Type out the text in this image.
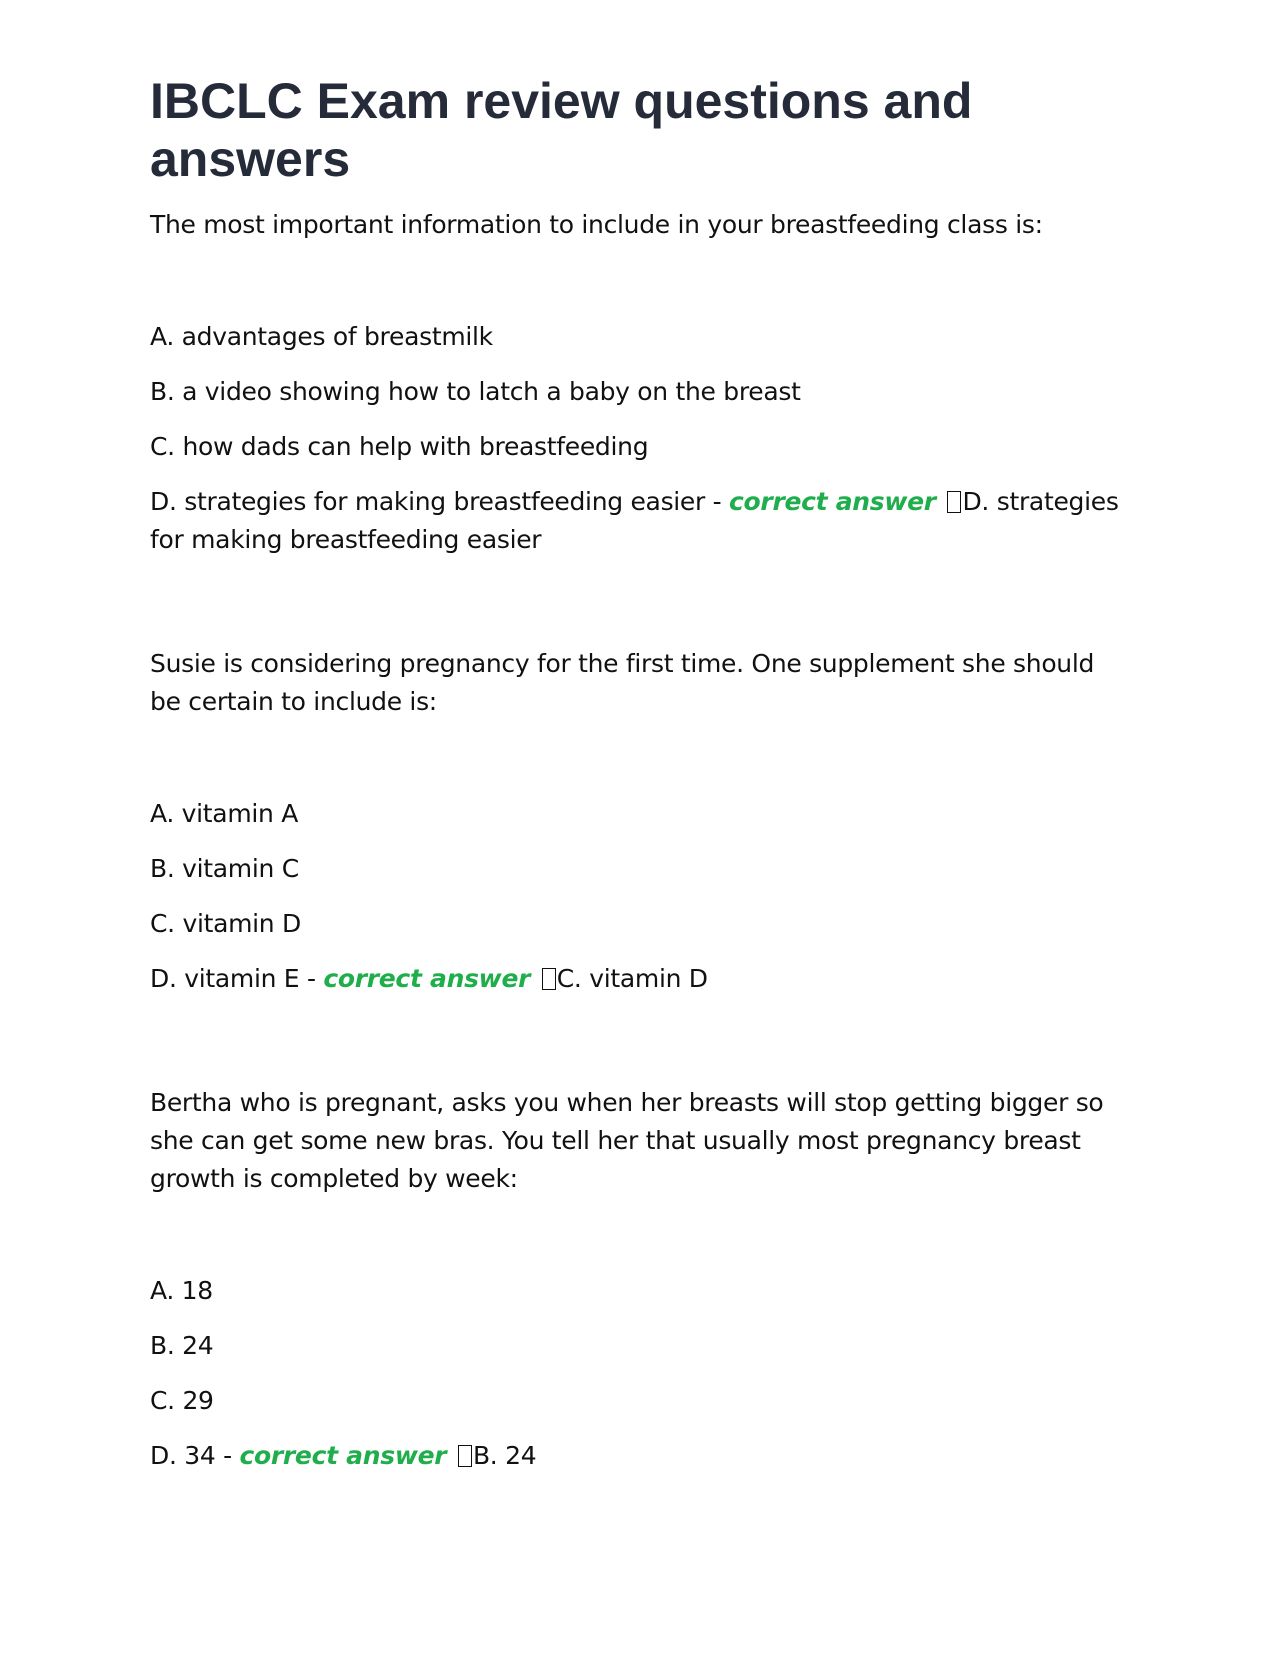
IBCLC Exam review questions and answers

The most important information to include in your breastfeeding class is:

A. advantages of breastmilk

B. a video showing how to latch a baby on the breast

C. how dads can help with breastfeeding

D. strategies for making breastfeeding easier - correct answer D. strategies for making breastfeeding easier

Susie is considering pregnancy for the first time. One supplement she should be certain to include is:

A. vitamin A

B. vitamin C

C. vitamin D

D. vitamin E - correct answer C. vitamin D

Bertha who is pregnant, asks you when her breasts will stop getting bigger so she can get some new bras. You tell her that usually most pregnancy breast growth is completed by week:

A. 18

B. 24

C. 29

D. 34 - correct answer B. 24
